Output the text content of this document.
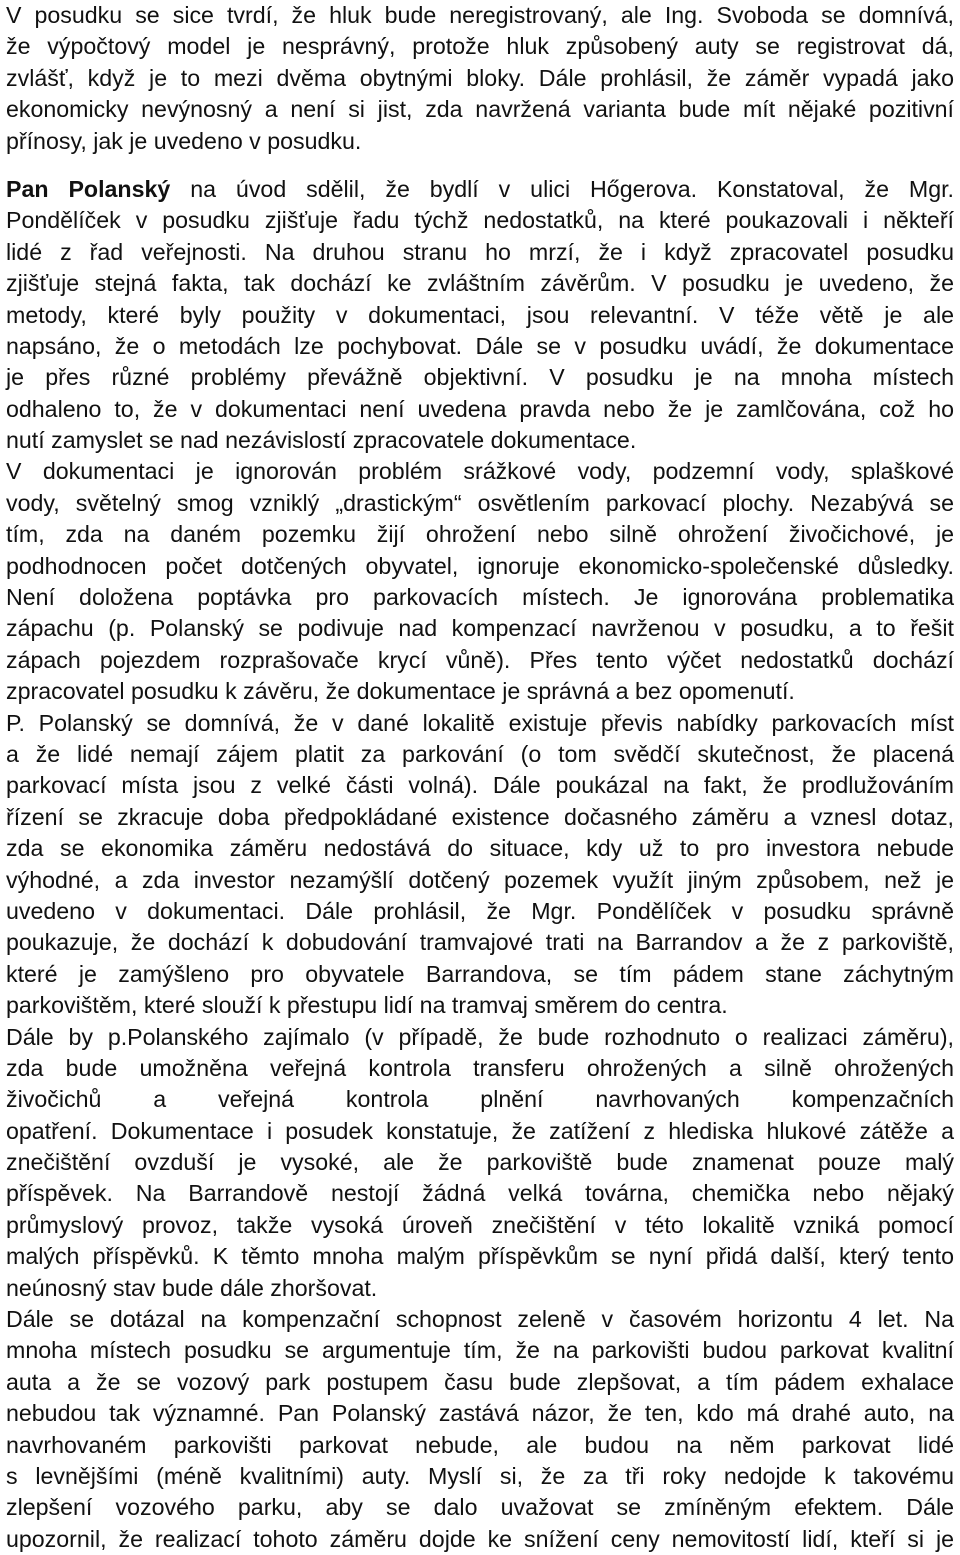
V posudku se sice tvrdí, že hluk bude neregistrovaný, ale Ing. Svoboda se domnívá,
že výpočtový model je nesprávný, protože hluk způsobený auty se registrovat dá,
zvlášť, když je to mezi dvěma obytnými bloky. Dále prohlásil, že záměr vypadá jako
ekonomicky nevýnosný a není si jist, zda navržená varianta bude mít nějaké pozitivní
přínosy, jak je uvedeno v posudku.
Pan Polanský na úvod sdělil, že bydlí v ulici Hőgerova. Konstatoval, že Mgr.
Pondělíček v posudku zjišťuje řadu týchž nedostatků, na které poukazovali i někteří
lidé z řad veřejnosti. Na druhou stranu ho mrzí, že i když zpracovatel posudku
zjišťuje stejná fakta, tak dochází ke zvláštním závěrům. V posudku je uvedeno, že
metody, které byly použity v dokumentaci, jsou relevantní. V téže větě je ale
napsáno, že o metodách lze pochybovat. Dále se v posudku uvádí, že dokumentace
je přes různé problémy převážně objektivní. V posudku je na mnoha místech
odhaleno to, že v dokumentaci není uvedena pravda nebo že je zamlčována, což ho
nutí zamyslet se nad nezávislostí zpracovatele dokumentace.
V dokumentaci je ignorován problém srážkové vody, podzemní vody, splaškové
vody, světelný smog vzniklý „drastickým“ osvětlením parkovací plochy. Nezabývá se
tím, zda na daném pozemku žijí ohrožení nebo silně ohrožení živočichové, je
podhodnocen počet dotčených obyvatel, ignoruje ekonomicko-společenské důsledky.
Není doložena poptávka pro parkovacích místech. Je ignorována problematika
zápachu (p. Polanský se podivuje nad kompenzací navrženou v posudku, a to řešit
zápach pojezdem rozprašovače krycí vůně). Přes tento výčet nedostatků dochází
zpracovatel posudku k závěru, že dokumentace je správná a bez opomenutí.
P. Polanský se domnívá, že v dané lokalitě existuje převis nabídky parkovacích míst
a že lidé nemají zájem platit za parkování (o tom svědčí skutečnost, že placená
parkovací místa jsou z velké části volná). Dále poukázal na fakt, že prodlužováním
řízení se zkracuje doba předpokládané existence dočasného záměru a vznesl dotaz,
zda se ekonomika záměru nedostává do situace, kdy už to pro investora nebude
výhodné, a zda investor nezamýšlí dotčený pozemek využít jiným způsobem, než je
uvedeno v dokumentaci. Dále prohlásil, že Mgr. Pondělíček v posudku správně
poukazuje, že dochází k dobudování tramvajové trati na Barrandov a že z parkoviště,
které je zamýšleno pro obyvatele Barrandova, se tím pádem stane záchytným
parkovištěm, které slouží k přestupu lidí na tramvaj směrem do centra.
Dále by p.Polanského zajímalo (v případě, že bude rozhodnuto o realizaci záměru),
zda bude umožněna veřejná kontrola transferu ohrožených a silně ohrožených
živočichů a veřejná kontrola plnění navrhovaných kompenzačních
opatření. Dokumentace i posudek konstatuje, že zatížení z hlediska hlukové zátěže a
znečištění ovzduší je vysoké, ale že parkoviště bude znamenat pouze malý
příspěvek. Na Barrandově nestojí žádná velká továrna, chemička nebo nějaký
průmyslový provoz, takže vysoká úroveň znečištění v této lokalitě vzniká pomocí
malých příspěvků. K těmto mnoha malým příspěvkům se nyní přidá další, který tento
neúnosný stav bude dále zhoršovat.
Dále se dotázal na kompenzační schopnost zeleně v časovém horizontu 4 let. Na
mnoha místech posudku se argumentuje tím, že na parkovišti budou parkovat kvalitní
auta a že se vozový park postupem času bude zlepšovat, a tím pádem exhalace
nebudou tak významné. Pan Polanský zastává názor, že ten, kdo má drahé auto, na
navrhovaném parkovišti parkovat nebude, ale budou na něm parkovat lidé
s levnějšími (méně kvalitními) auty. Myslí si, že za tři roky nedojde k takovému
zlepšení vozového parku, aby se dalo uvažovat se zmíněným efektem. Dále
upozornil, že realizací tohoto záměru dojde ke snížení ceny nemovitostí lidí, kteří si je
